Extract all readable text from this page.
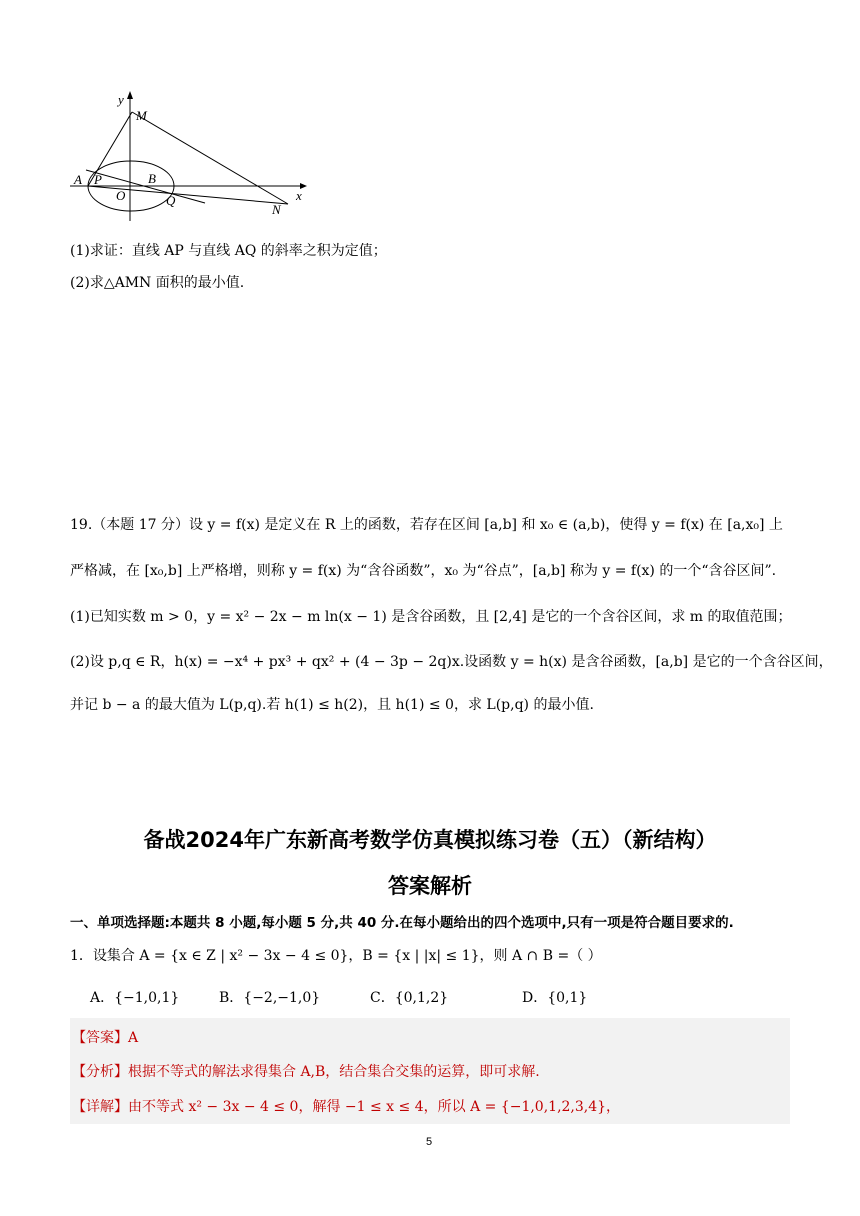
y
M
A P	B
O	Q
N
x
(1)求证：直线 AP 与直线 AQ 的斜率之积为定值；
(2)求△AMN 面积的最小值.
19.（本题 17 分）设 y = f(x) 是定义在 R 上的函数，若存在区间 [a,b] 和 x₀ ∈ (a,b)，使得 y = f(x) 在 [a,x₀] 上
严格减，在 [x₀,b] 上严格增，则称 y = f(x) 为“含谷函数”，x₀ 为“谷点”，[a,b] 称为 y = f(x) 的一个“含谷区间”.
(1)已知实数 m > 0，y = x² − 2x − m ln(x − 1) 是含谷函数，且 [2,4] 是它的一个含谷区间，求 m 的取值范围；
(2)设 p,q ∈ R，h(x) = −x⁴ + px³ + qx² + (4 − 3p − 2q)x.设函数 y = h(x) 是含谷函数，[a,b] 是它的一个含谷区间，
并记 b − a 的最大值为 L(p,q).若 h(1) ≤ h(2)，且 h(1) ≤ 0，求 L(p,q) 的最小值.
备战2024年广东新高考数学仿真模拟练习卷（五）（新结构）
答案解析
一、单项选择题:本题共 8 小题,每小题 5 分,共 40 分.在每小题给出的四个选项中,只有一项是符合题目要求的.
1．设集合 A = {x ∈ Z | x² − 3x − 4 ≤ 0}，B = {x | |x| ≤ 1}，则 A ∩ B =（ ）
A．{−1,0,1}	B．{−2,−1,0}	C．{0,1,2}	D．{0,1}
【答案】A
【分析】根据不等式的解法求得集合 A,B，结合集合交集的运算，即可求解.
【详解】由不等式 x² − 3x − 4 ≤ 0，解得 −1 ≤ x ≤ 4，所以 A = {−1,0,1,2,3,4}，
5
